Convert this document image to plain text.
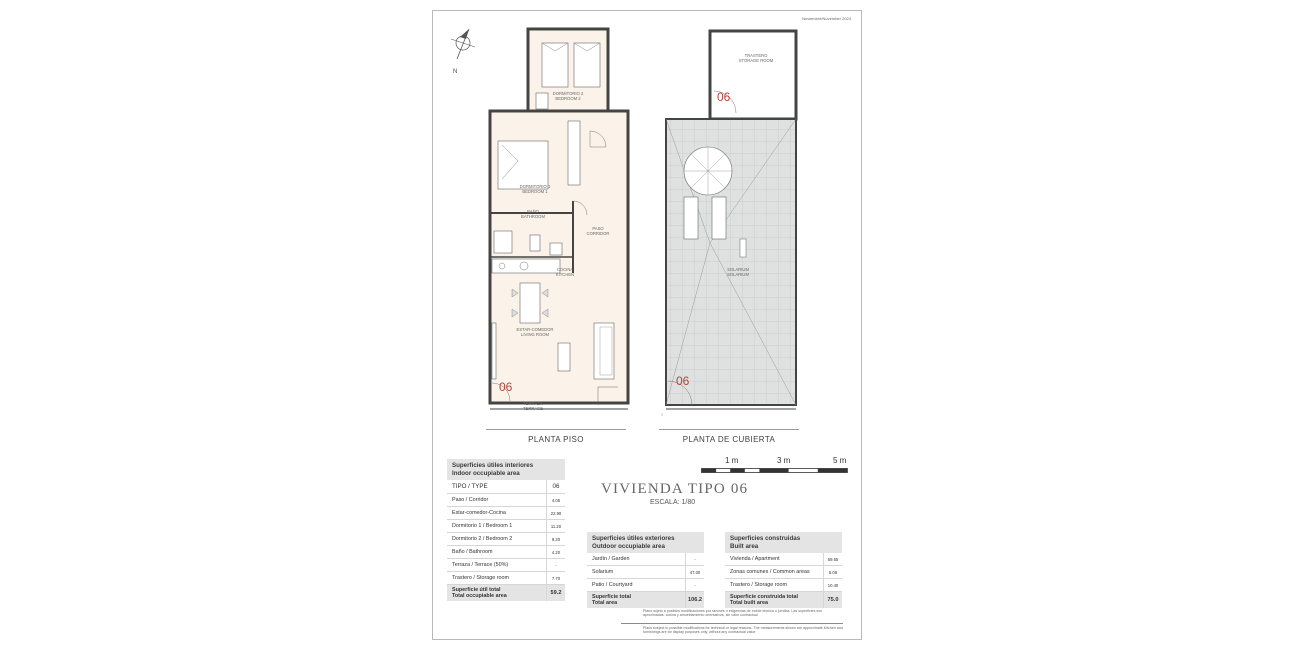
Noviembre/November 2024
N
DORMITORIO 2
BEDROOM 2
DORMITORIO 1
BEDROOM 1
BAÑO
BATHROOM
PASO
CORRIDOR
COCINA
KITCHEN
ESTAR-COMEDOR
LIVING ROOM
TERRAZA
TERRACE
06
PLANTA PISO
TRASTERO
STORAGE ROOM
SOLARIUM
SOLARIUM
06
06
PLANTA DE CUBIERTA
VIVIENDA TIPO 06
ESCALA: 1/80
1 m	3 m	5 m
Superficies útiles interiores
Indoor occupiable area
TIPO / TYPE	06
Paso / Corridor	4.05
Estar-comedor-Cocina	22.90
Dormitorio 1 / Bedroom 1	11.20
Dormitorio 2 / Bedroom 2	9.20
Baño / Bathroom	4.20
Terraza / Terrace (50%)	-
Trastero / Storage room	7.70

Superficie útil total
Total occupiable area	59.2
Superficies útiles exteriores
Outdoor occupiable area
Jardín / Garden	-
Solarium	47.00
Patio / Courtyard	-

Superficie total
Total area	106.2
Superficies construidas
Built area
Vivienda / Apartment	59.55
Zonas comunes / Common areas	5.06
Trastero / Storage room	10.40

Superficie construida total
Total built area	75.0
Plano sujeto a posibles modificaciones por razones o exigencias de índole técnica o jurídica. Las superficies son aproximadas. cocina y amueblamiento orientativos, sin valor contractual
Plans subject to possible modifications for technical or legal reasons. The measurements shown are approximate.Kitchen and furnishings are for display purposes only, without any contractual value
